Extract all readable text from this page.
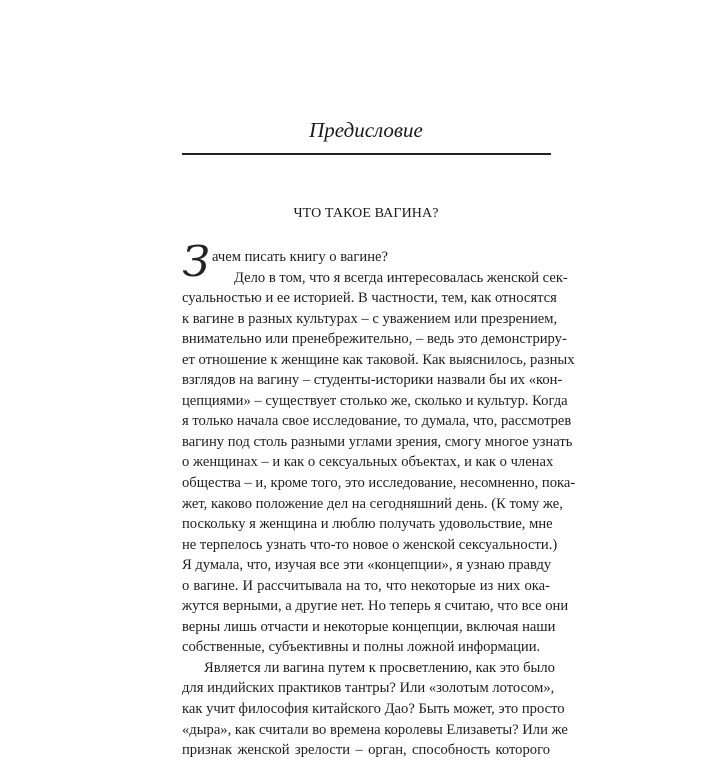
Предисловие
ЧТО ТАКОЕ ВАГИНА?
З ачем писать книгу о вагине?
Дело в том, что я всегда интересовалась женской сек-
суальностью и ее историей. В частности, тем, как относятся
к вагине в разных культурах – с уважением или презрением,
внимательно или пренебрежительно, – ведь это демонстриру-
ет отношение к женщине как таковой. Как выяснилось, разных
взглядов на вагину – студенты-историки назвали бы их «кон-
цепциями» – существует столько же, сколько и культур. Когда
я только начала свое исследование, то думала, что, рассмотрев
вагину под столь разными углами зрения, смогу многое узнать
о женщинах – и как о сексуальных объектах, и как о членах
общества – и, кроме того, это исследование, несомненно, пока-
жет, каково положение дел на сегодняшний день. (К тому же,
поскольку я женщина и люблю получать удовольствие, мне
не терпелось узнать что-то новое о женской сексуальности.)
Я думала, что, изучая все эти «концепции», я узнаю правду
о вагине. И рассчитывала на то, что некоторые из них ока-
жутся верными, а другие нет. Но теперь я считаю, что все они
верны лишь отчасти и некоторые концепции, включая наши
собственные, субъективны и полны ложной информации.
Является ли вагина путем к просветлению, как это было
для индийских практиков тантры? Или «золотым лотосом»,
как учит философия китайского Дао? Быть может, это просто
«дыра», как считали во времена королевы Елизаветы? Или же
признак женской зрелости – орган, способность которого
